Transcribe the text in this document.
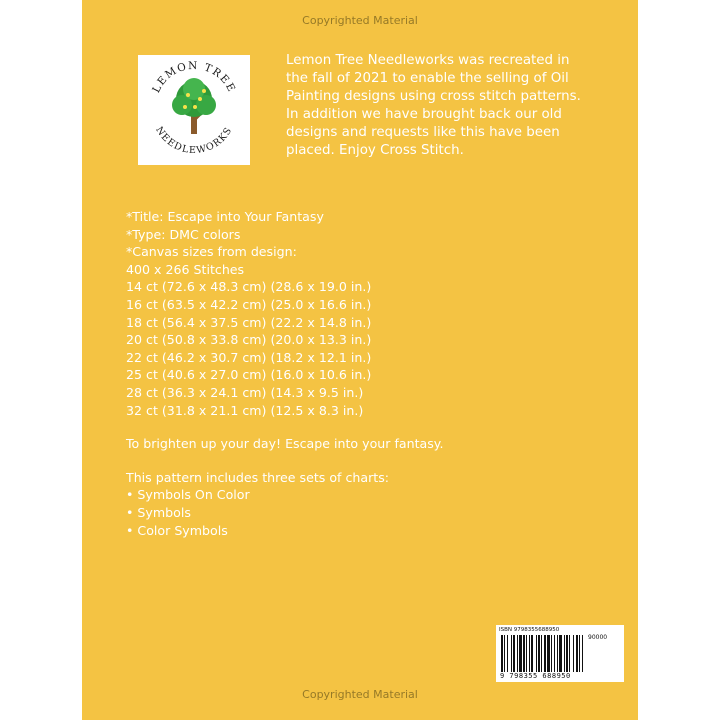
Copyrighted Material
LEMON TREE
NEEDLEWORKS

Lemon Tree Needleworks was recreated in the fall of 2021 to enable the selling of Oil Painting designs using cross stitch patterns. In addition we have brought back our old designs and requests like this have been placed. Enjoy Cross Stitch.

*Title: Escape into Your Fantasy

*Type: DMC colors

*Canvas sizes from design:

400 x 266 Stitches

14 ct (72.6 x 48.3 cm) (28.6 x 19.0 in.)

16 ct (63.5 x 42.2 cm) (25.0 x 16.6 in.)

18 ct (56.4 x 37.5 cm) (22.2 x 14.8 in.)

20 ct (50.8 x 33.8 cm) (20.0 x 13.3 in.)

22 ct (46.2 x 30.7 cm) (18.2 x 12.1 in.)

25 ct (40.6 x 27.0 cm) (16.0 x 10.6 in.)

28 ct (36.3 x 24.1 cm) (14.3 x 9.5 in.)

32 ct (31.8 x 21.1 cm) (12.5 x 8.3 in.)

To brighten up your day! Escape into your fantasy.

This pattern includes three sets of charts:

• Symbols On Color

• Symbols

• Color Symbols

ISBN 9798355688950
90000
9 798355 688950
Copyrighted Material
